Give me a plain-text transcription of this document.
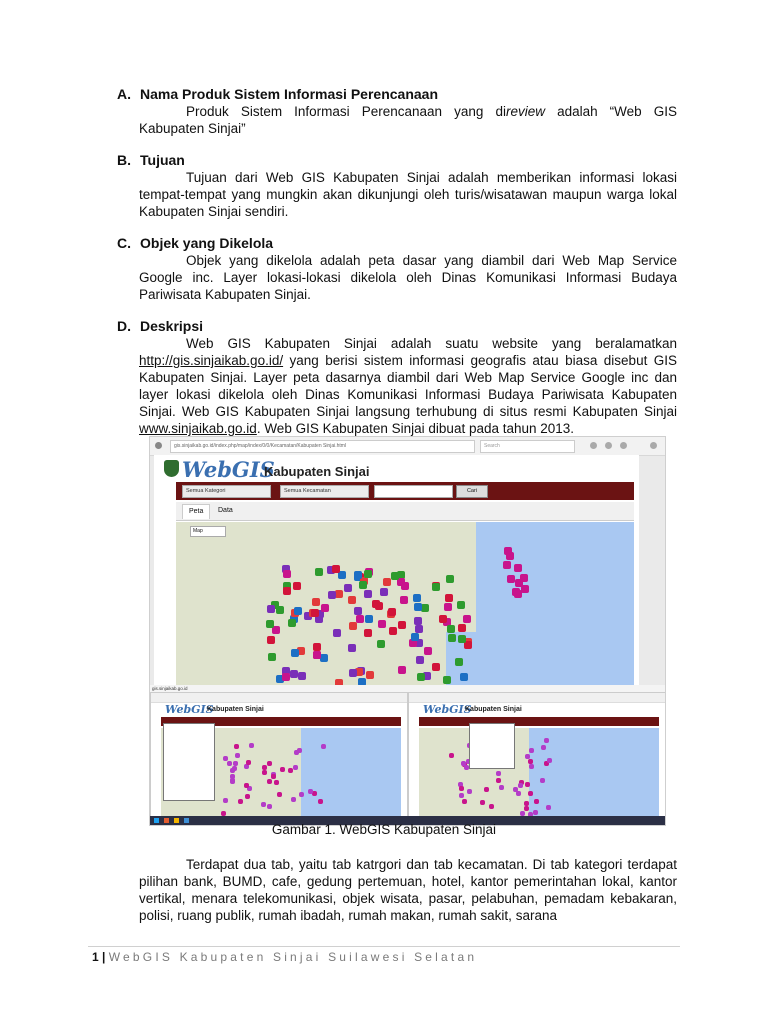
A. Nama Produk Sistem Informasi Perencanaan
Produk Sistem Informasi Perencanaan yang direview adalah “Web GIS Kabupaten Sinjai”
B. Tujuan
Tujuan dari Web GIS Kabupaten Sinjai adalah memberikan informasi lokasi tempat-tempat yang mungkin akan dikunjungi oleh turis/wisatawan maupun warga lokal Kabupaten Sinjai sendiri.
C. Objek yang Dikelola
Objek yang dikelola adalah peta dasar yang diambil dari Web Map Service Google inc. Layer lokasi-lokasi dikelola oleh Dinas Komunikasi Informasi Budaya Pariwisata Kabupaten Sinjai.
D. Deskripsi
Web GIS Kabupaten Sinjai adalah suatu website yang beralamatkan http://gis.sinjaikab.go.id/ yang berisi sistem informasi geografis atau biasa disebut GIS Kabupaten Sinjai. Layer peta dasarnya diambil dari Web Map Service Google inc dan layer lokasi dikelola oleh Dinas Komunikasi Informasi Budaya Pariwisata Kabupaten Sinjai. Web GIS Kabupaten Sinjai langsung terhubung di situs resmi Kabupaten Sinjai www.sinjaikab.go.id. Web GIS Kabupaten Sinjai dibuat pada tahun 2013.
gis.sinjaikab.go.id/index.php/map/index/0/0/Kecamatan/Kabupaten Sinjai.html	Search
WebGIS
Kabupaten Sinjai
Semua Kategori	Semua Kecamatan	Cari
Peta	Data
Map
gis.sinjaikab.go.id
WebGIS
Kabupaten Sinjai	WebGIS
Kabupaten Sinjai
Gambar 1. WebGIS Kabupaten Sinjai
Terdapat dua tab, yaitu tab katrgori dan tab kecamatan. Di tab kategori terdapat pilihan bank, BUMD, cafe, gedung pertemuan, hotel, kantor pemerintahan lokal, kantor vertikal, menara telekomunikasi, objek wisata, pasar, pelabuhan, pemadam kebakaran, polisi, ruang publik, rumah ibadah, rumah makan, rumah sakit, sarana
1 | WebGIS Kabupaten Sinjai Suilawesi Selatan
